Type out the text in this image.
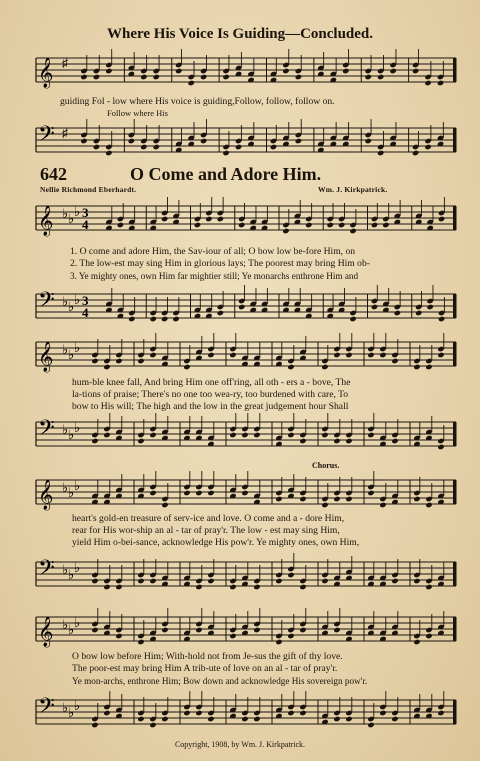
Where His Voice Is Guiding—Concluded.
𝄞 ♯
guiding Fol - low where His voice is guiding,Follow, follow, follow on.
Follow where His
𝄢 ♯
642	O Come and Adore Him.
Nellie Richmond Eberhardt.	Wm. J. Kirkpatrick.
𝄞 ♭ ♭ ♭ 3
4
1. O come and adore Him, the Sav-iour of all; O bow low be-fore Him, on
2. The low-est may sing Him in glorious lays; The poorest may bring Him ob-
3. Ye mighty ones, own Him far mightier still; Ye monarchs enthrone Him and
𝄢 ♭ ♭ ♭ 3
4
𝄞 ♭ ♭ ♭
hum-ble knee fall, And bring Him one off'ring, all oth - ers a - bove, The
la-tions of praise; There's no one too wea-ry, too burdened with care, To
bow to His will; The high and the low in the great judgement hour Shall
𝄢 ♭ ♭ ♭
Chorus.
𝄞 ♭ ♭ ♭
heart's gold-en treasure of serv-ice and love. O come and a - dore Him,
rear for His wor-ship an al - tar of pray'r. The low - est may sing Him,
yield Him o-bei-sance, acknowledge His pow'r. Ye mighty ones, own Him,
𝄢 ♭ ♭ ♭
𝄞 ♭ ♭ ♭
O bow low before Him; With-hold not from Je-sus the gift of thy love.
The poor-est may bring Him A trib-ute of love on an al - tar of pray'r.
Ye mon-archs, enthrone Him; Bow down and acknowledge His sovereign pow'r.
𝄢 ♭ ♭ ♭
Copyright, 1908, by Wm. J. Kirkpatrick.
